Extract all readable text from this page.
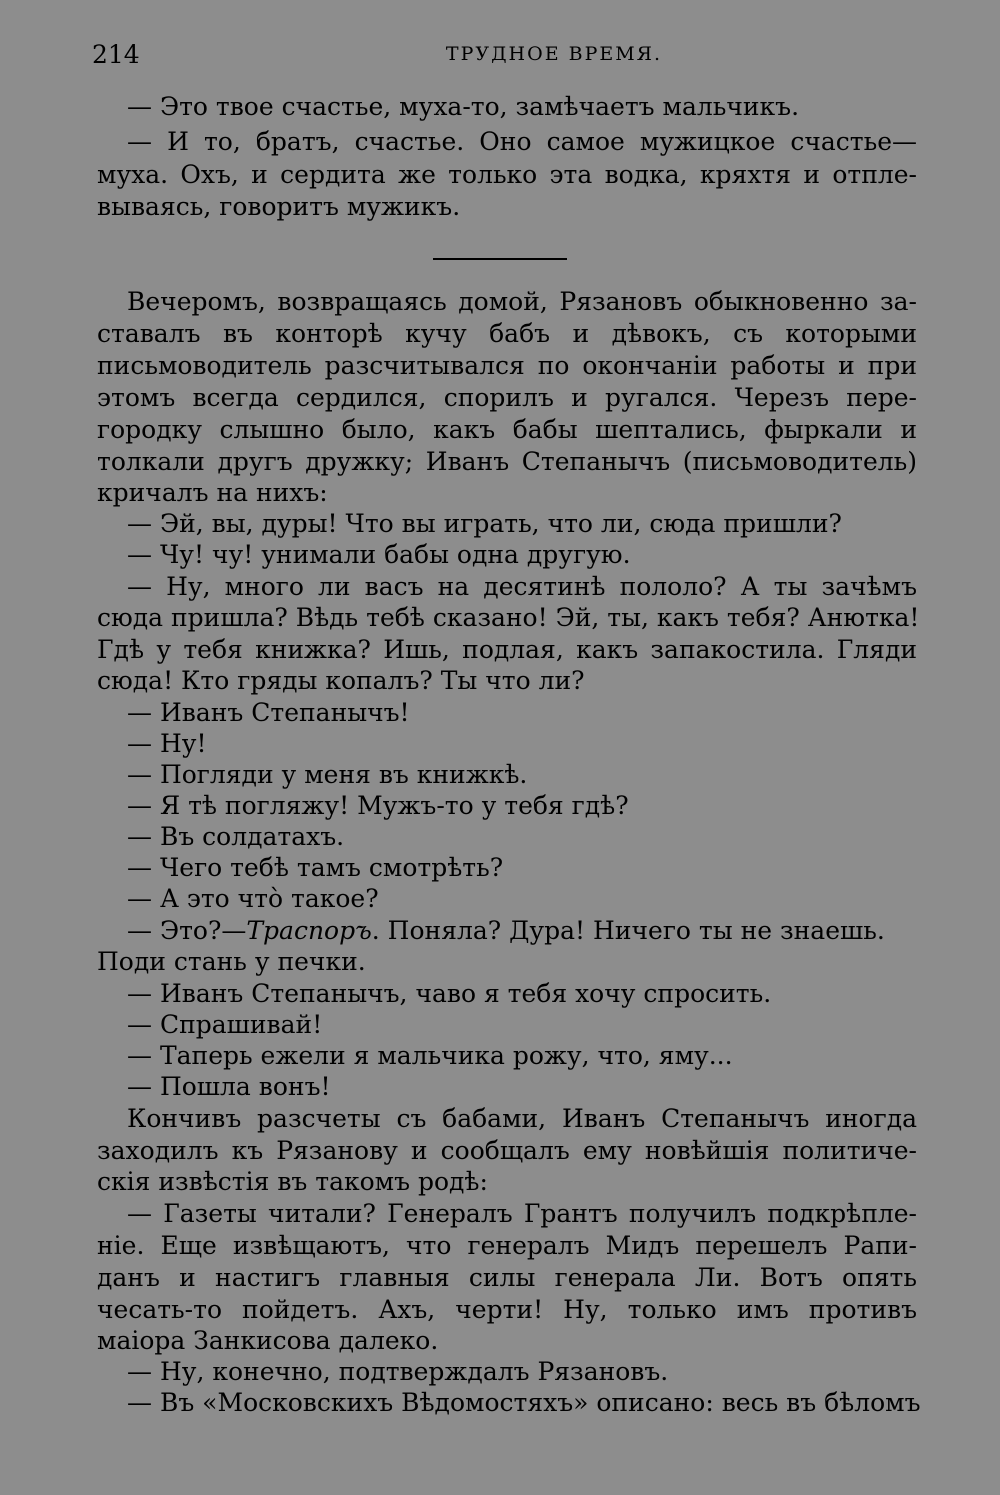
214	ТРУДНОЕ ВРЕМЯ.
— Это твое счастье, муха-то, замѣчаетъ мальчикъ.
— И то, братъ, счастье. Оно самое мужицкое счастье—
муха. Охъ, и сердита же только эта водка, кряхтя и отпле-
вываясь, говоритъ мужикъ.
Вечеромъ, возвращаясь домой, Рязановъ обыкновенно за-
ставалъ въ конторѣ кучу бабъ и дѣвокъ, съ которыми
письмоводитель разсчитывался по окончаніи работы и при
этомъ всегда сердился, спорилъ и ругался. Черезъ пере-
городку слышно было, какъ бабы шептались, фыркали и
толкали другъ дружку; Иванъ Степанычъ (письмоводитель)
кричалъ на нихъ:
— Эй, вы, дуры! Что вы играть, что ли, сюда пришли?
— Чу! чу! унимали бабы одна другую.
— Ну, много ли васъ на десятинѣ пололо? А ты зачѣмъ
сюда пришла? Вѣдь тебѣ сказано! Эй, ты, какъ тебя? Анютка!
Гдѣ у тебя книжка? Ишь, подлая, какъ запакостила. Гляди
сюда! Кто гряды копалъ? Ты что ли?
— Иванъ Степанычъ!
— Ну!
— Погляди у меня въ книжкѣ.
— Я тѣ погляжу! Мужъ-то у тебя гдѣ?
— Въ солдатахъ.
— Чего тебѣ тамъ смотрѣть?
— А это чтò такое?
— Это?—Траспоръ. Поняла? Дура! Ничего ты не знаешь.
Поди стань у печки.
— Иванъ Степанычъ, чаво я тебя хочу спросить.
— Спрашивай!
— Таперь ежели я мальчика рожу, что, яму...
— Пошла вонъ!
Кончивъ разсчеты съ бабами, Иванъ Степанычъ иногда
заходилъ къ Рязанову и сообщалъ ему новѣйшія политиче-
скія извѣстія въ такомъ родѣ:
— Газеты читали? Генералъ Грантъ получилъ подкрѣпле-
ніе. Еще извѣщаютъ, что генералъ Мидъ перешелъ Рапи-
данъ и настигъ главныя силы генерала Ли. Вотъ опять
чесать-то пойдетъ. Ахъ, черти! Ну, только имъ противъ
маіора Занкисова далеко.
— Ну, конечно, подтверждалъ Рязановъ.
— Въ «Московскихъ Вѣдомостяхъ» описано: весь въ бѣломъ
